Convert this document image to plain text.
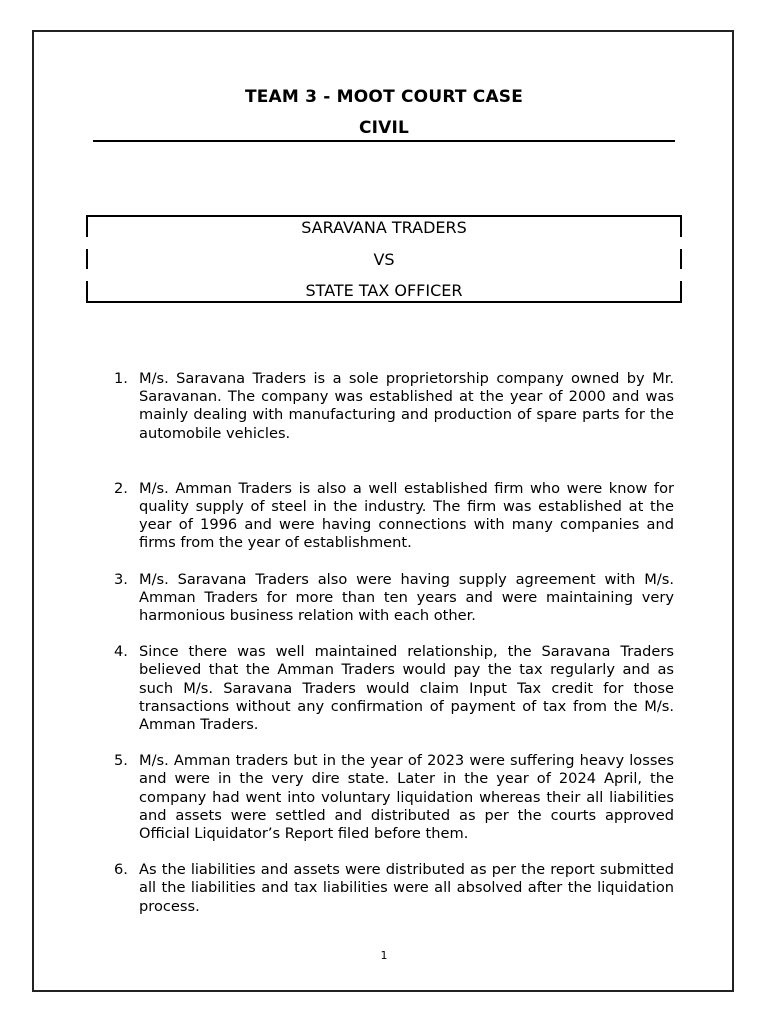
TEAM 3 - MOOT COURT CASE
CIVIL
SARAVANA TRADERS
VS
STATE TAX OFFICER
1. M/s. Saravana Traders is a sole proprietorship company owned by Mr. Saravanan. The company was established at the year of 2000 and was mainly dealing with manufacturing and production of spare parts for the automobile vehicles.
2. M/s. Amman Traders is also a well established firm who were know for quality supply of steel in the industry. The firm was established at the year of 1996 and were having connections with many companies and firms from the year of establishment.
3. M/s. Saravana Traders also were having supply agreement with M/s. Amman Traders for more than ten years and were maintaining very harmonious business relation with each other.
4. Since there was well maintained relationship, the Saravana Traders believed that the Amman Traders would pay the tax regularly and as such M/s. Saravana Traders would claim Input Tax credit for those transactions without any confirmation of payment of tax from the M/s. Amman Traders.
5. M/s. Amman traders but in the year of 2023 were suffering heavy losses and were in the very dire state. Later in the year of 2024 April, the company had went into voluntary liquidation whereas their all liabilities and assets were settled and distributed as per the courts approved Official Liquidator’s Report filed before them.
6. As the liabilities and assets were distributed as per the report submitted all the liabilities and tax liabilities were all absolved after the liquidation process.
1
